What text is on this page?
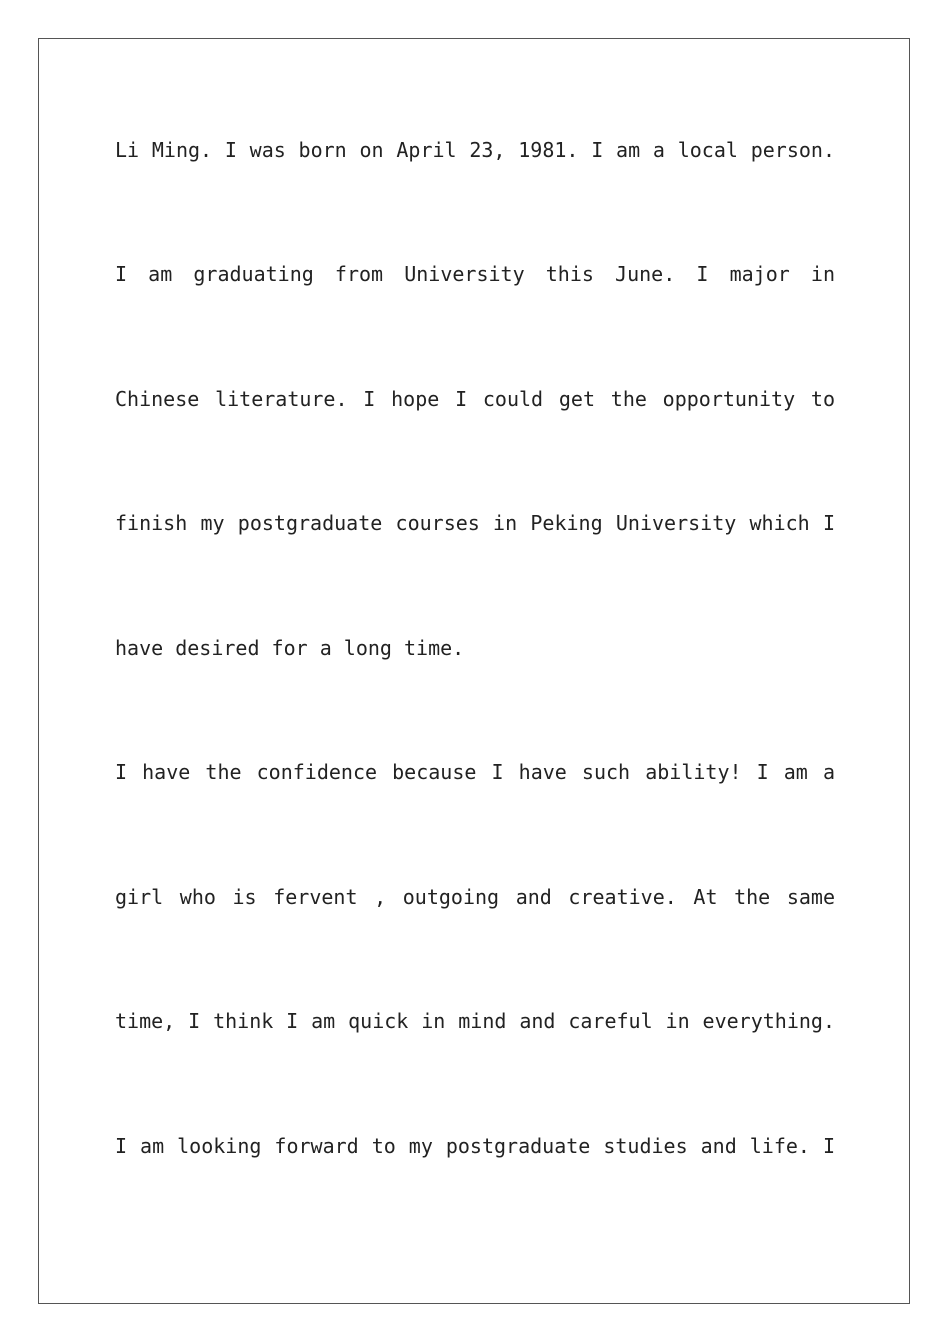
Li Ming. I was born on April 23, 1981. I am a local person.
I am graduating from University this June. I major in
Chinese literature. I hope I could get the opportunity to
finish my postgraduate courses in Peking University which I
have desired for a long time.
I have the confidence because I have such ability! I am a
girl who is fervent , outgoing and creative. At the same
time, I think I am quick in mind and careful in everything.
I am looking forward to my postgraduate studies and life. I
